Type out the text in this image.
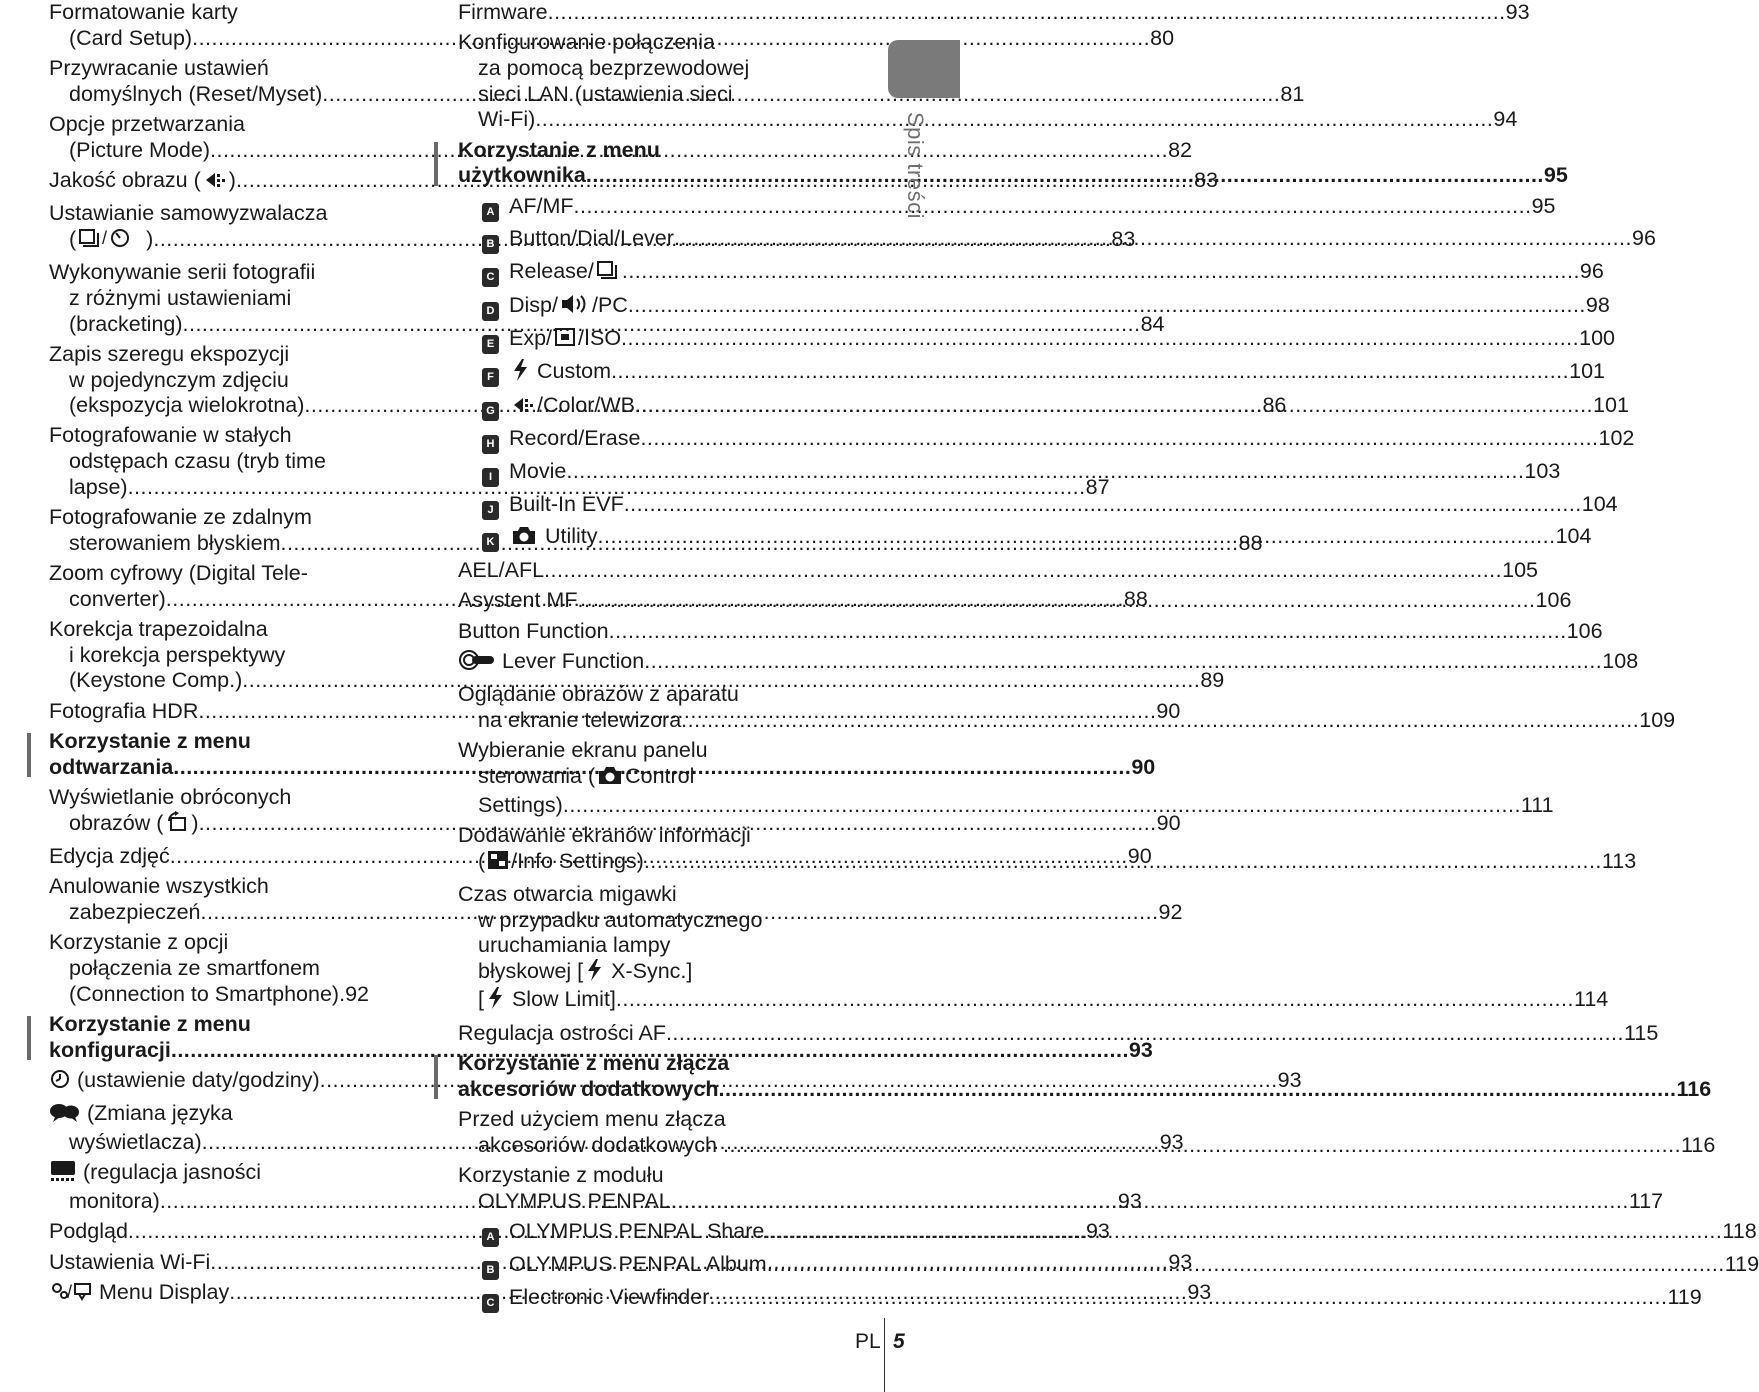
Formatowanie karty
(Card Setup) .....	80
Przywracanie ustawień
domyślnych (Reset/Myset) .....	81
Opcje przetwarzania
(Picture Mode) .....	82
Jakość obrazu ( ) .....	83
Ustawianie samowyzwalacza
( / ) .....	83
Wykonywanie serii fotografii
z różnymi ustawieniami
(bracketing) .....	84
Zapis szeregu ekspozycji
w pojedynczym zdjęciu
(ekspozycja wielokrotna) .....	86
Fotografowanie w stałych
odstępach czasu (tryb time
lapse) .....	87
Fotografowanie ze zdalnym
sterowaniem błyskiem .....	88
Zoom cyfrowy (Digital Tele-
converter) .....	88
Korekcja trapezoidalna
i korekcja perspektywy
(Keystone Comp.) .....	89
Fotografia HDR .....	90
Korzystanie z menu
odtwarzania .....	90
Wyświetlanie obróconych
obrazów ( ) .....	90
Edycja zdjęć .....	90
Anulowanie wszystkich
zabezpieczeń .....	92
Korzystanie z opcji
połączenia ze smartfonem
(Connection to Smartphone).92
Korzystanie z menu
konfiguracji .....	93
(ustawienie daty/godziny) .....	93
(Zmiana języka
wyświetlacza) .....	93
(regulacja jasności
monitora) .....	93
Podgląd .....	93
Ustawienia Wi-Fi .....	93
/ Menu Display .....	93
Firmware .....	93
Konfigurowanie połączenia
za pomocą bezprzewodowej
sieci LAN (ustawienia sieci
Wi-Fi) .....	94
Korzystanie z menu
użytkownika .....	95
A AF/MF .....	95
B Button/Dial/Lever .....	96
C Release/ .....	96
D Disp/ /PC .....	98
E Exp/ /ISO .....	100
F Custom .....	101
G /Color/WB .....	101
H Record/Erase .....	102
I Movie .....	103
J Built-In EVF .....	104
K Utility .....	104
AEL/AFL .....	105
Asystent MF .....	106
Button Function .....	106
Lever Function .....	108
Oglądanie obrazów z aparatu
na ekranie telewizora .....	109
Wybieranie ekranu panelu
sterowania ( Control
Settings) .....	111
Dodawanie ekranów informacji
( /Info Settings) .....	113
Czas otwarcia migawki
w przypadku automatycznego
uruchamiania lampy
błyskowej [ X-Sync.]
[ Slow Limit] .....	114
Regulacja ostrości AF .....	115
Korzystanie z menu złącza
akcesoriów dodatkowych .....	116
Przed użyciem menu złącza
akcesoriów dodatkowych .....	116
Korzystanie z modułu
OLYMPUS PENPAL .....	117
A OLYMPUS PENPAL Share .....	118
B OLYMPUS PENPAL Album .....	119
C Electronic Viewfinder .....	119
Spis treści
PL 5
